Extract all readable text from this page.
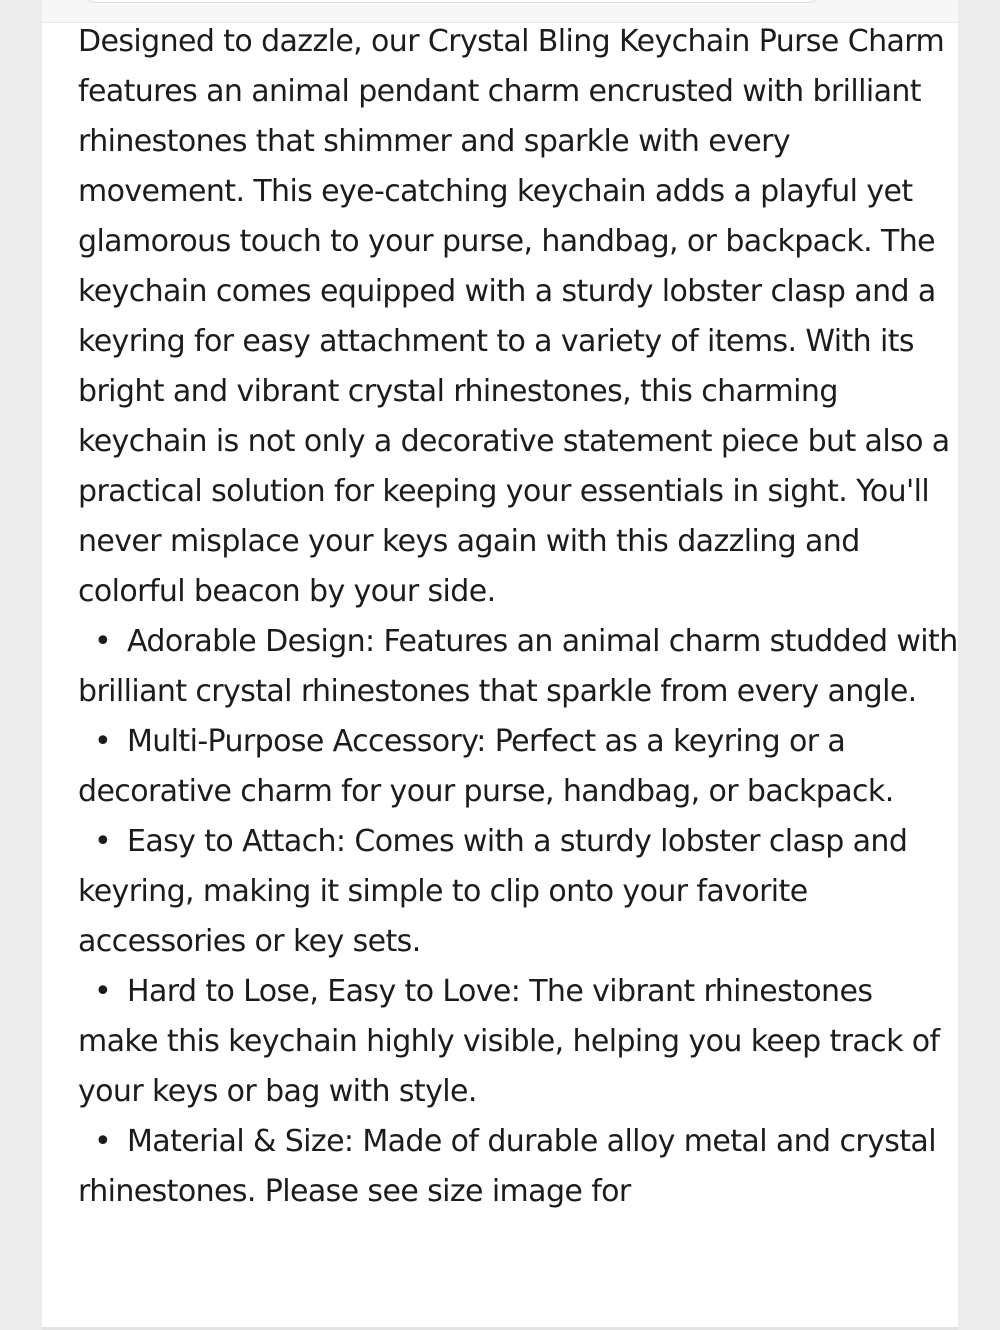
Designed to dazzle, our Crystal Bling Keychain Purse Charm features an animal pendant charm encrusted with brilliant rhinestones that shimmer and sparkle with every movement. This eye-catching keychain adds a playful yet glamorous touch to your purse, handbag, or backpack. The keychain comes equipped with a sturdy lobster clasp and a keyring for easy attachment to a variety of items. With its bright and vibrant crystal rhinestones, this charming keychain is not only a decorative statement piece but also a practical solution for keeping your essentials in sight. You'll never misplace your keys again with this dazzling and colorful beacon by your side.

• Adorable Design: Features an animal charm studded with brilliant crystal rhinestones that sparkle from every angle.
• Multi-Purpose Accessory: Perfect as a keyring or a decorative charm for your purse, handbag, or backpack.
• Easy to Attach: Comes with a sturdy lobster clasp and keyring, making it simple to clip onto your favorite accessories or key sets.
• Hard to Lose, Easy to Love: The vibrant rhinestones make this keychain highly visible, helping you keep track of your keys or bag with style.
• Material & Size: Made of durable alloy metal and crystal rhinestones. Please see size image for
